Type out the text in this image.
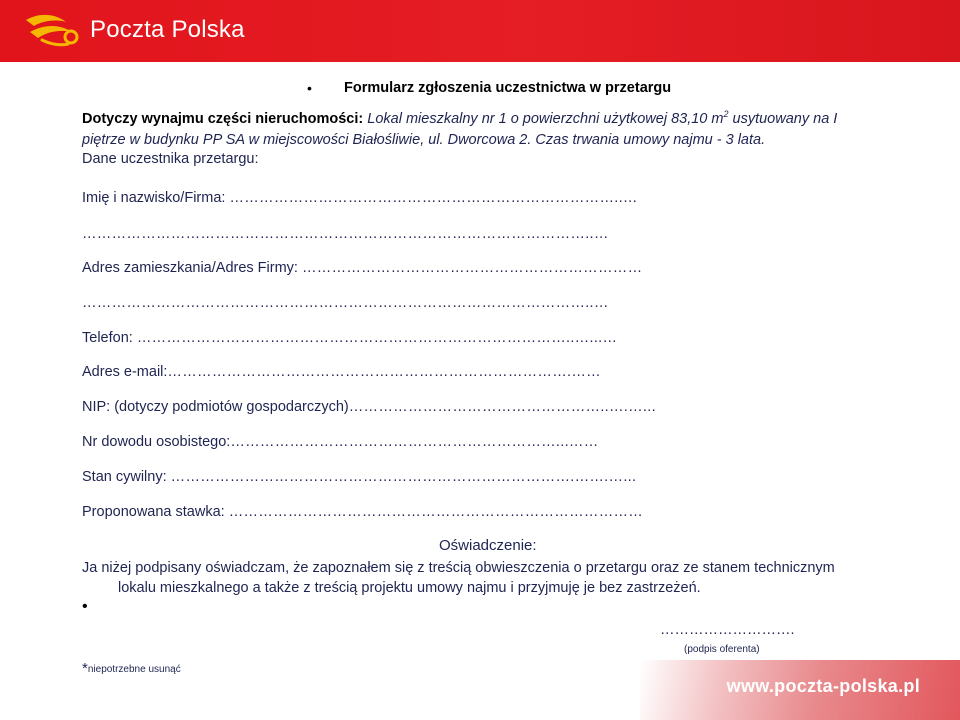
Poczta Polska
• Formularz zgłoszenia uczestnictwa w przetargu
Dotyczy wynajmu części nieruchomości: Lokal mieszkalny nr 1 o powierzchni użytkowej 83,10 $m^2$ usytuowany na I
piętrze w budynku PP SA w miejscowości Białośliwie, ul. Dworcowa 2. Czas trwania umowy najmu - 3 lata.
Dane uczestnika przetargu:
Imię i nazwisko/Firma: ……………………………………………………………………..…
…………………………………………………………………………………………..…
Adres zamieszkania/Adres Firmy: ……………………………………………………………
…………………………………………………………………………………………..…
Telefon: ……………………………………………………………………………..…...…
Adres e-mail:……………………………………………………………………….……
NIP: (dotyczy podmiotów gospodarczych)……………………………………………..….…...
Nr dowodu osobistego:…………………………………………………………...……
Stan cywilny: ……………………………………………………………………….…….…...
Proponowana stawka: …………………………………………………………………………
Oświadczenie:
Ja niżej podpisany oświadczam, że zapoznałem się z treścią obwieszczenia o przetargu oraz ze stanem technicznym
lokalu mieszkalnego a także z treścią projektu umowy najmu i przyjmuję je bez zastrzeżeń.
•
……………………….
(podpis oferenta)
*niepotrzebne usunąć
www.poczta-polska.pl
